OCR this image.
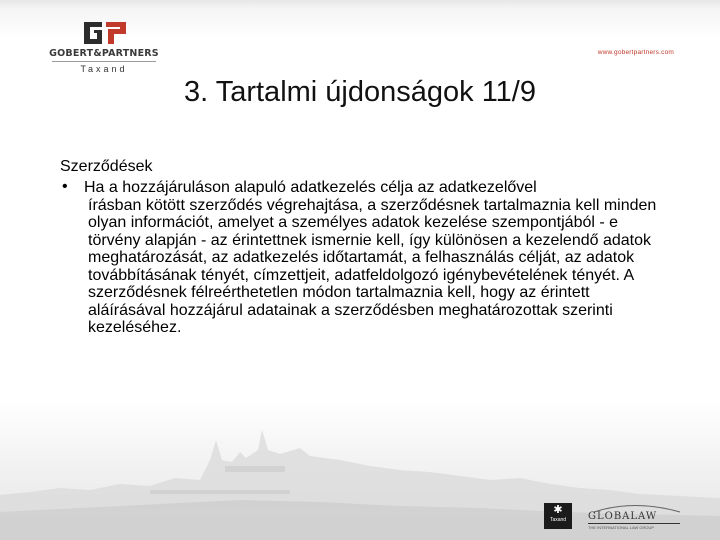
GOBERT&PARTNERS
Taxand
www.gobertpartners.com
3. Tartalmi újdonságok 11/9

Szerződések

• Ha a hozzájáruláson alapuló adatkezelés célja az adatkezelővel
írásban kötött szerződés végrehajtása, a szerződésnek tartalmaznia kell minden olyan információt, amelyet a személyes adatok kezelése szempontjából - e törvény alapján - az érintettnek ismernie kell, így különösen a kezelendő adatok meghatározását, az adatkezelés időtartamát, a felhasználás célját, az adatok továbbításának tényét, címzettjeit, adatfeldolgozó igénybevételének tényét. A szerződésnek félreérthetetlen módon tartalmaznia kell, hogy az érintett aláírásával hozzájárul adatainak a szerződésben meghatározottak szerinti kezeléséhez.
✱
Taxand	GLOBALAW
THE INTERNATIONAL LAW GROUP
